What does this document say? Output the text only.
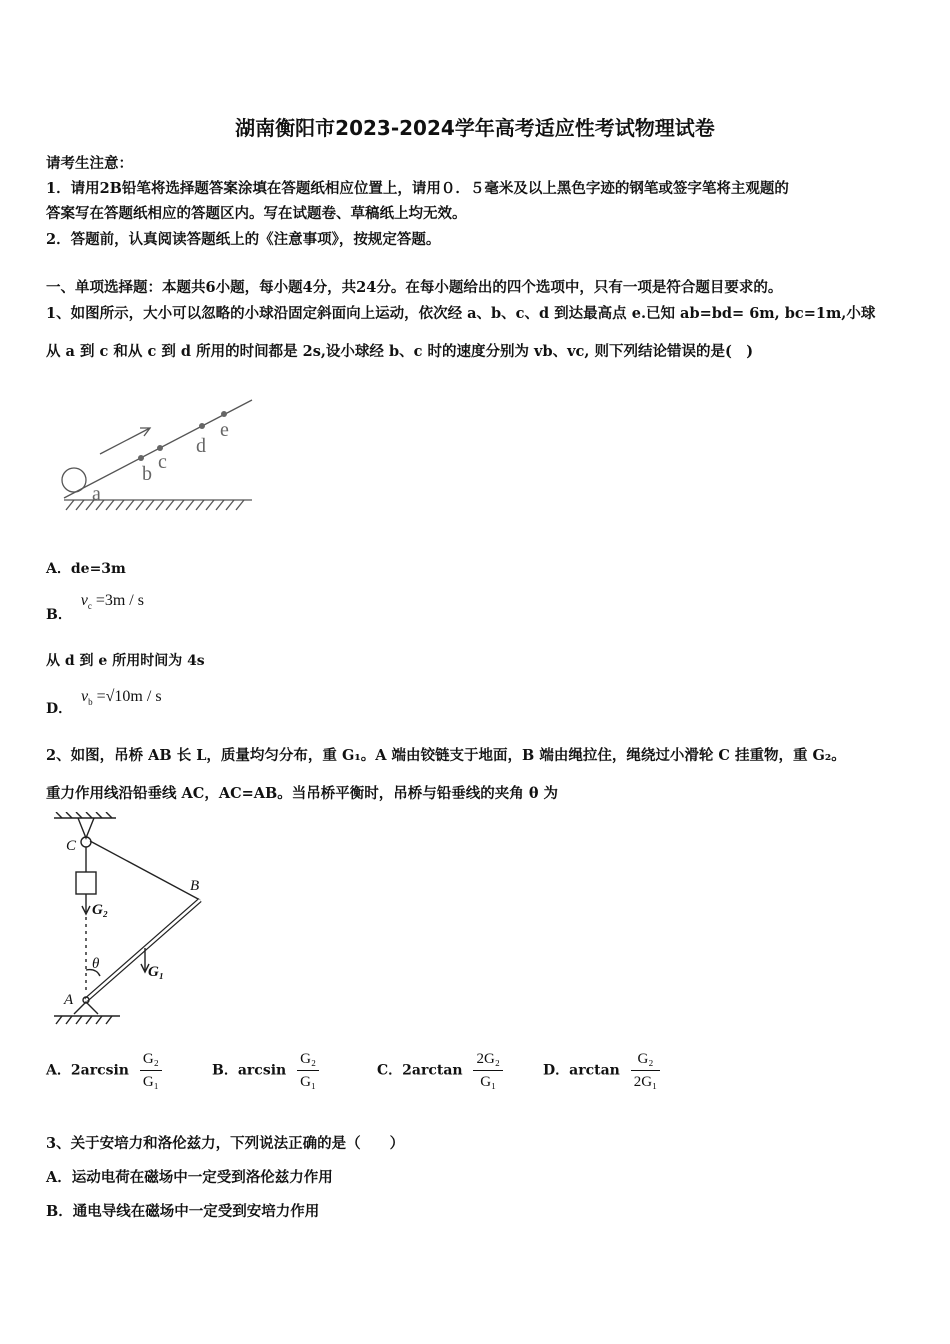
湖南衡阳市2023-2024学年高考适应性考试物理试卷
请考生注意：
1．请用2B铅笔将选择题答案涂填在答题纸相应位置上，请用０．５毫米及以上黑色字迹的钢笔或签字笔将主观题的
答案写在答题纸相应的答题区内。写在试题卷、草稿纸上均无效。
2．答题前，认真阅读答题纸上的《注意事项》，按规定答题。
一、单项选择题：本题共6小题，每小题4分，共24分。在每小题给出的四个选项中，只有一项是符合题目要求的。
1、如图所示，大小可以忽略的小球沿固定斜面向上运动，依次经 a、b、c、d 到达最高点 e.已知 ab=bd= 6m, bc=1m,小球
从 a 到 c 和从 c 到 d 所用的时间都是 2s,设小球经 b、c 时的速度分别为 vb、vc, 则下列结论错误的是(　)
a
b
c
d
e
A．de=3m
B． $v_c =3m / s$
从 d 到 e 所用时间为 4s
D． $v_b =√10m / s$
2、如图，吊桥 AB 长 L，质量均匀分布，重 G₁。A 端由铰链支于地面，B 端由绳拉住，绳绕过小滑轮 C 挂重物，重 G₂。
重力作用线沿铅垂线 AC，AC=AB。当吊桥平衡时，吊桥与铅垂线的夹角 θ 为
C
B
A
G₂
G₁
θ
A．$2\arcsin \frac{\text{G₂}}{\text{G₁}}$	B．$\arcsin \frac{\text{G₂}}{\text{G₁}}$	C．$2\arctan \frac{\text{2G₂}}{\text{G₁}}$	D．$\arctan \frac{\text{G₂}}{\text{2G₁}}$
3、关于安培力和洛伦兹力，下列说法正确的是（　　）
A．运动电荷在磁场中一定受到洛伦兹力作用
B．通电导线在磁场中一定受到安培力作用
